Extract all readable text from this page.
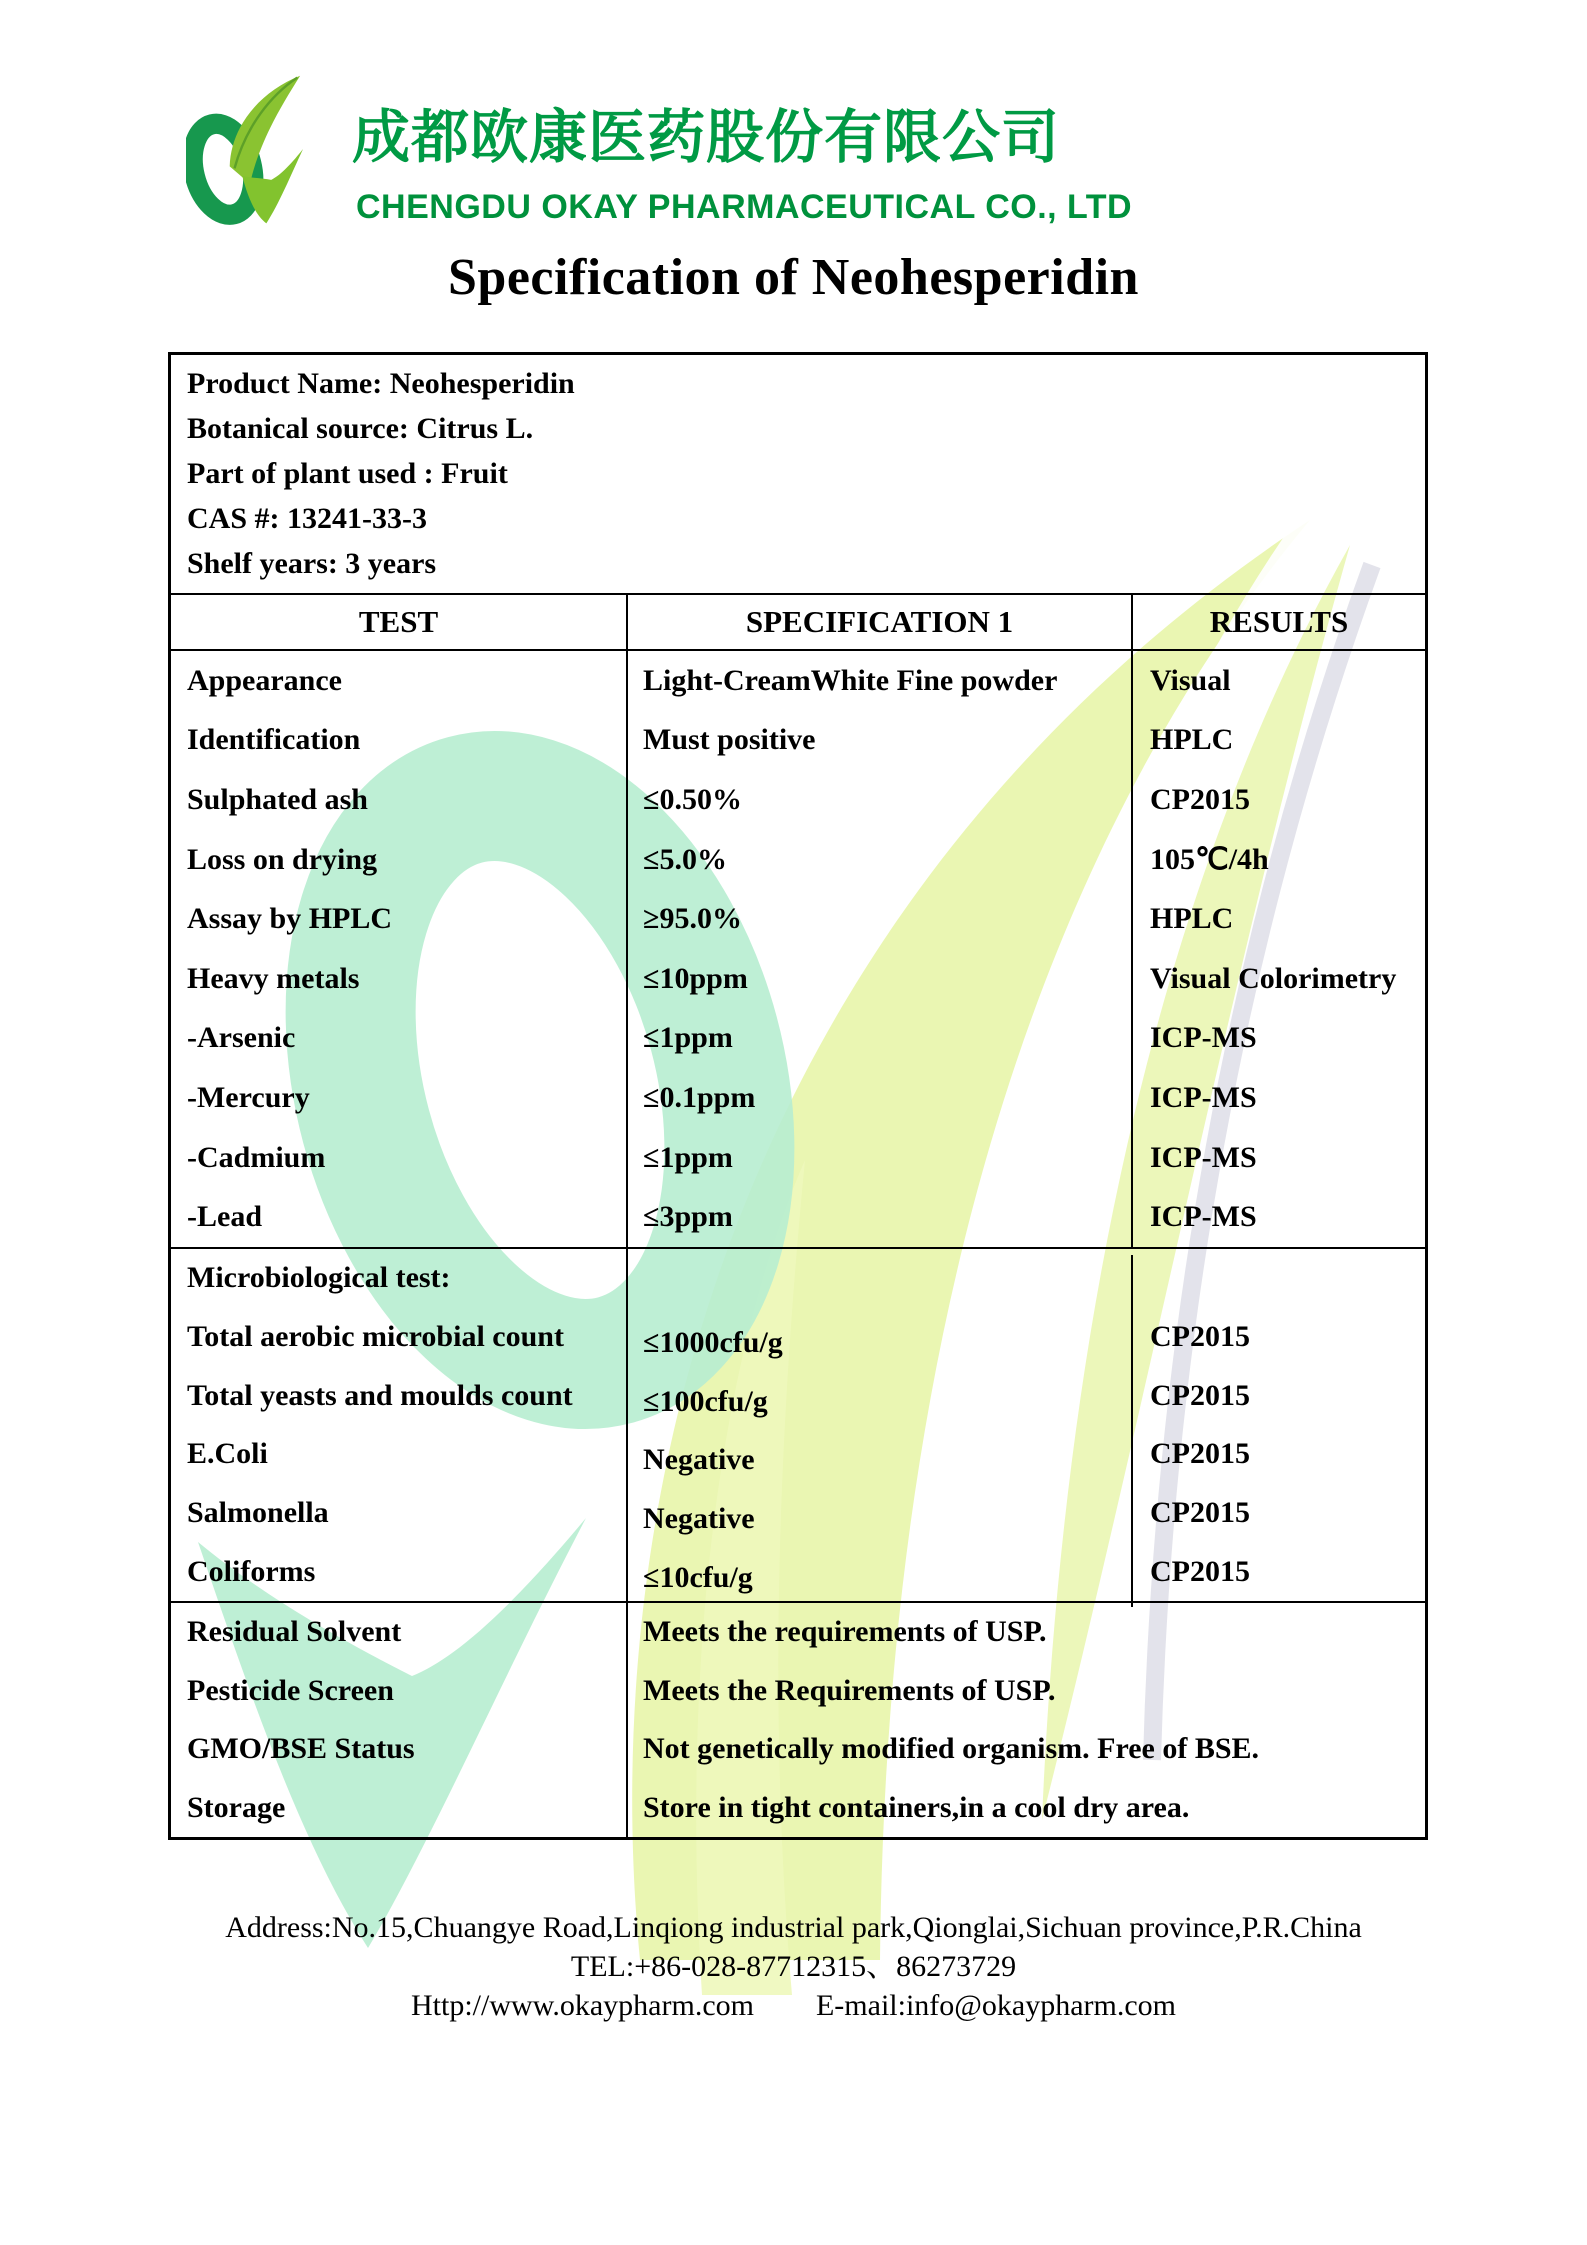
成都欧康医药股份有限公司
CHENGDU OKAY PHARMACEUTICAL CO., LTD
Specification of Neohesperidin
Product Name: Neohesperidin
Botanical source: Citrus L.
Part of plant used : Fruit
CAS #: 13241-33-3
Shelf years: 3 years
TEST	SPECIFICATION 1	RESULTS
Appearance	Light-CreamWhite Fine powder	Visual
Identification	Must positive	HPLC
Sulphated ash	≤0.50%	CP2015
Loss on drying	≤5.0%	105℃/4h
Assay by HPLC	≥95.0%	HPLC
Heavy metals	≤10ppm	Visual Colorimetry
-Arsenic	≤1ppm	ICP-MS
-Mercury	≤0.1ppm	ICP-MS
-Cadmium	≤1ppm	ICP-MS
-Lead	≤3ppm	ICP-MS
Microbiological test:
Total aerobic microbial count	≤1000cfu/g	CP2015
Total yeasts and moulds count	≤100cfu/g	CP2015
E.Coli	Negative	CP2015
Salmonella	Negative	CP2015
Coliforms	≤10cfu/g	CP2015
Residual Solvent	Meets the requirements of USP.
Pesticide Screen	Meets the Requirements of USP.
GMO/BSE Status	Not genetically modified organism. Free of BSE.
Storage	Store in tight containers,in a cool dry area.
Address:No.15,Chuangye Road,Linqiong industrial park,Qionglai,Sichuan province,P.R.China
TEL:+86-028-87712315、86273729
Http://www.okaypharm.com E-mail:info@okaypharm.com
